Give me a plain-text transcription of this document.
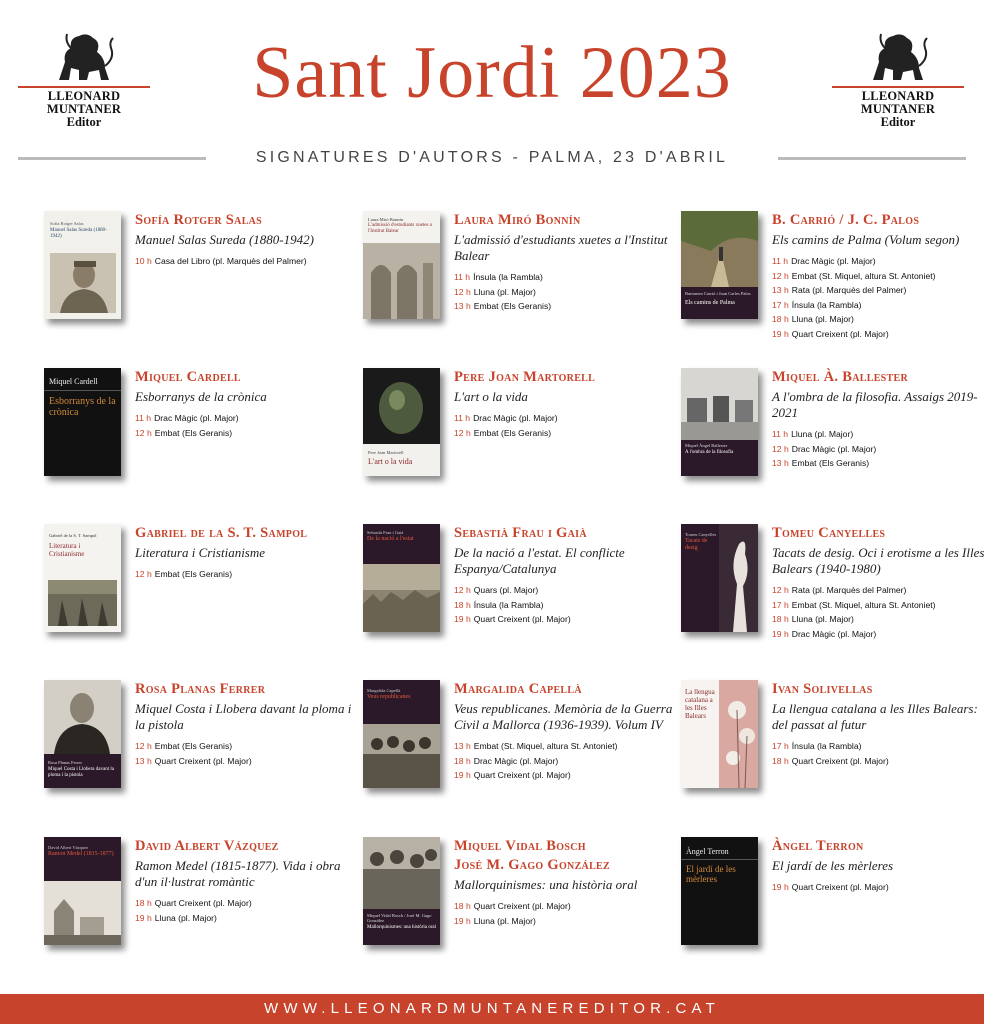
LLEONARD MUNTANER
Editor
LLEONARD MUNTANER
Editor
Sant Jordi 2023
SIGNATURES D'AUTORS - PALMA, 23 D'ABRIL
Sofía Rotger Salas
Manuel Salas Sureda (1880-1942)
Sofía Rotger Salas
Manuel Salas Sureda (1880-1942)
10 h Casa del Libro (pl. Marquès del Palmer)
Laura Miró Bonnín
L'admissió d'estudiants xuetes a l'Institut Balear
Laura Miró Bonnín
L'admissió d'estudiants xuetes a l'Institut Balear
11 h Ínsula (la Rambla)
12 h Lluna (pl. Major)
13 h Embat (Els Geranis)
Bartomeu Carrió i Joan Carles Palos
Els camins de Palma
B. Carrió / J. C. Palos
Els camins de Palma (Volum segon)
11 h Drac Màgic (pl. Major)
12 h Embat (St. Miquel, altura St. Antoniet)
13 h Rata (pl. Marquès del Palmer)
17 h Ínsula (la Rambla)
18 h Lluna (pl. Major)
19 h Quart Creixent (pl. Major)
Miquel Cardell
Esborranys de la crònica
Miquel Cardell
Esborranys de la crònica
11 h Drac Màgic (pl. Major)
12 h Embat (Els Geranis)
Pere Joan Martorell
L'art o la vida
Pere Joan Martorell
L'art o la vida
11 h Drac Màgic (pl. Major)
12 h Embat (Els Geranis)
Miquel Àngel Ballester
A l'ombra de la filosofia
Miquel À. Ballester
A l'ombra de la filosofia. Assaigs 2019-2021
11 h Lluna (pl. Major)
12 h Drac Màgic (pl. Major)
13 h Embat (Els Geranis)
Gabriel de la S. T. Sampol
Literatura i Cristianisme
Gabriel de la S. T. Sampol
Literatura i Cristianisme
12 h Embat (Els Geranis)
Sebastià Frau i Gaià
De la nació a l'estat	Sebastià Frau i Gaià
De la nació a l'estat. El conflicte Espanya/Catalunya
12 h Quars (pl. Major)
18 h Ínsula (la Rambla)
19 h Quart Creixent (pl. Major)
Tomeu Canyelles
Tacats de desig
Tomeu Canyelles
Tacats de desig. Oci i erotisme a les Illes Balears (1940-1980)
12 h Rata (pl. Marquès del Palmer)
17 h Embat (St. Miquel, altura St. Antoniet)
18 h Lluna (pl. Major)
19 h Drac Màgic (pl. Major)
Rosa Planas Ferrer
Miquel Costa i Llobera davant la ploma i la pistola
Rosa Planas Ferrer
Miquel Costa i Llobera davant la ploma i la pistola
12 h Embat (Els Geranis)
13 h Quart Creixent (pl. Major)
Margalida Capellà
Veus republicanes	Margalida Capellà
Veus republicanes. Memòria de la Guerra Civil a Mallorca (1936-1939). Volum IV
13 h Embat (St. Miquel, altura St. Antoniet)
18 h Drac Màgic (pl. Major)
19 h Quart Creixent (pl. Major)
La llengua catalana a les Illes Balears
Ivan Solivellas
La llengua catalana a les Illes Balears: del passat al futur
17 h Ínsula (la Rambla)
18 h Quart Creixent (pl. Major)
David Albert Vázquez
Ramon Medel (1815-1877) David Albert Vázquez
Ramon Medel (1815-1877). Vida i obra d'un il·lustrat romàntic
18 h Quart Creixent (pl. Major)
19 h Lluna (pl. Major)	Miquel Vidal Bosch / José M. Gago González
Mallorquinismes: una història oral
Miquel Vidal Bosch
José M. Gago González
Mallorquinismes: una història oral
18 h Quart Creixent (pl. Major)
19 h Lluna (pl. Major)
Àngel Terron
El jardí de les mèrleres
Àngel Terron
El jardí de les mèrleres
19 h Quart Creixent (pl. Major)
WWW.LLEONARDMUNTANEREDITOR.CAT
